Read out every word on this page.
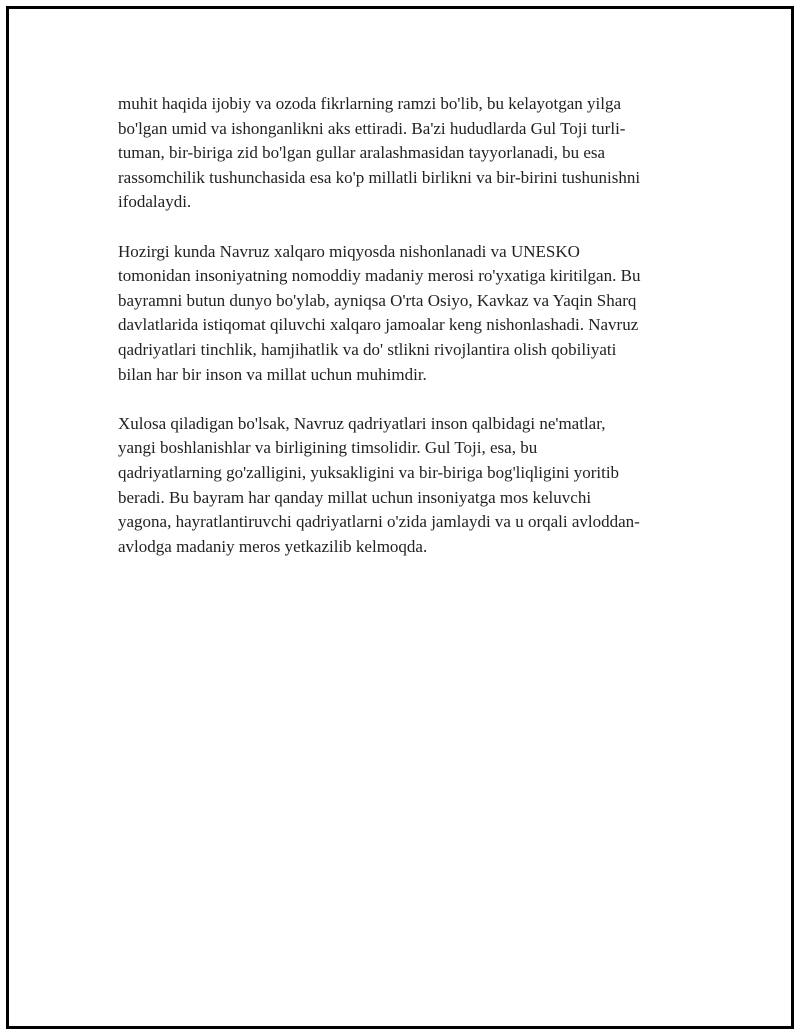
muhit haqida ijobiy va ozoda fikrlarning ramzi bo'lib, bu kelayotgan yilga
bo'lgan umid va ishonganlikni aks ettiradi. Ba'zi hududlarda Gul Toji turli-
tuman, bir-biriga zid bo'lgan gullar aralashmasidan tayyorlanadi, bu esa
rassomchilik tushunchasida esa ko'p millatli birlikni va bir-birini tushunishni
ifodalaydi.

Hozirgi kunda Navruz xalqaro miqyosda nishonlanadi va UNESKO
tomonidan insoniyatning nomoddiy madaniy merosi ro'yxatiga kiritilgan. Bu
bayramni butun dunyo bo'ylab, ayniqsa O'rta Osiyo, Kavkaz va Yaqin Sharq
davlatlarida istiqomat qiluvchi xalqaro jamoalar keng nishonlashadi. Navruz
qadriyatlari tinchlik, hamjihatlik va do' stlikni rivojlantira olish qobiliyati
bilan har bir inson va millat uchun muhimdir.

Xulosa qiladigan bo'lsak, Navruz qadriyatlari inson qalbidagi ne'matlar,
yangi boshlanishlar va birligining timsolidir. Gul Toji, esa, bu
qadriyatlarning go'zalligini, yuksakligini va bir-biriga bog'liqligini yoritib
beradi. Bu bayram har qanday millat uchun insoniyatga mos keluvchi
yagona, hayratlantiruvchi qadriyatlarni o'zida jamlaydi va u orqali avloddan-
avlodga madaniy meros yetkazilib kelmoqda.
